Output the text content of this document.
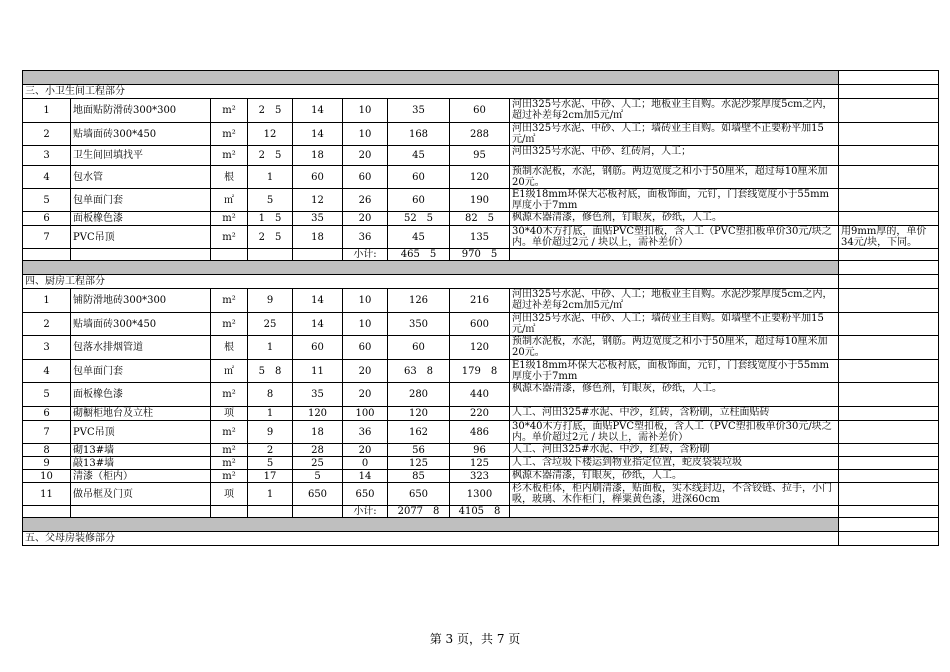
三、小卫生间工程部分									
1	地面贴防滑砖300*300	m²	2　5	14	10	35	60	河田325号水泥、中砂、人工；地板业主自购。水泥沙浆厚度5cm之内，超过补差每2cm加5元/㎡	
2	贴墙面砖300*450	m²	12	14	10	168	288	河田325号水泥、中砂、人工；墙砖业主自购。如墙壁不正要粉平加15元/㎡	
3	卫生间回填找平	m²	2　5	18	20	45	95	河田325号水泥、中砂、红砖屑，人工；	
4	包水管	根	1	60	60	60	120	预制水泥板，水泥，钢筋。两边宽度之和小于50厘米，超过每10厘米加20元。	
5	包单面门套	㎡	5	12	26	60	190	E1级18mm环保大芯板衬底，面板饰面，元钉，门套线宽度小于55mm厚度小于7mm	
6	面板橡色漆	m²	1　5	35	20	52　5	82　5	枫源木器清漆，修色剂，钉眼灰，砂纸，人工。	
7	PVC吊顶	m²	2　5	18	36	45	135	30*40木方打底，面贴PVC塑扣板，含人工（PVC塑扣板单价30元/块之内。单价超过2元 / 块以上，需补差价）	用9mm厚的，单价34元/块，下同。
					小计:	465　5	970　5		

四、厨房工程部分									
1	铺防滑地砖300*300	m²	9	14	10	126	216	河田325号水泥、中砂、人工；地板业主自购。水泥沙浆厚度5cm之内，超过补差每2cm加5元/㎡	
2	贴墙面砖300*450	m²	25	14	10	350	600	河田325号水泥、中砂、人工；墙砖业主自购。如墙壁不正要粉平加15元/㎡	
3	包落水排烟管道	根	1	60	60	60	120	预制水泥板，水泥，钢筋。两边宽度之和小于50厘米，超过每10厘米加20元。	
4	包单面门套	㎡	5　8	11	20	63　8	179　8	E1级18mm环保大芯板衬底，面板饰面，元钉，门套线宽度小于55mm厚度小于7mm	
5	面板橡色漆	m²	8	35	20	280	440	枫源木器清漆，修色剂，钉眼灰，砂纸，人工。	
6	砌橱柜地台及立柱	项	1	120	100	120	220	人工、河田325#水泥、中沙，红砖，含粉刷，立柱面贴砖	
7	PVC吊顶	m²	9	18	36	162	486	30*40木方打底，面贴PVC塑扣板，含人工（PVC塑扣板单价30元/块之内。单价超过2元 / 块以上，需补差价）	
8	砌13#墙	m²	2	28	20	56	96	人工、河田325#水泥、中沙，红砖，含粉刷	
9	敲13#墙	m²	5	25	0	125	125	人工、含垃圾下楼运到物业指定位置，蛇皮袋装垃圾	
10	清漆（柜内）	m²	17	5	14	85	323	枫源木器清漆，钉眼灰，砂纸，人工。	
11	做吊框及门页	项	1	650	650	650	1300	杉木板柜体，柜内刷清漆，贴面板，实木线封边，不含铰链、拉手，小门吸，玻璃、木作柜门，榉粟黄色漆，进深60cm	
					小计:	2077　8	4105　8		

五、父母房装修部分									
第 3 页，共 7 页
